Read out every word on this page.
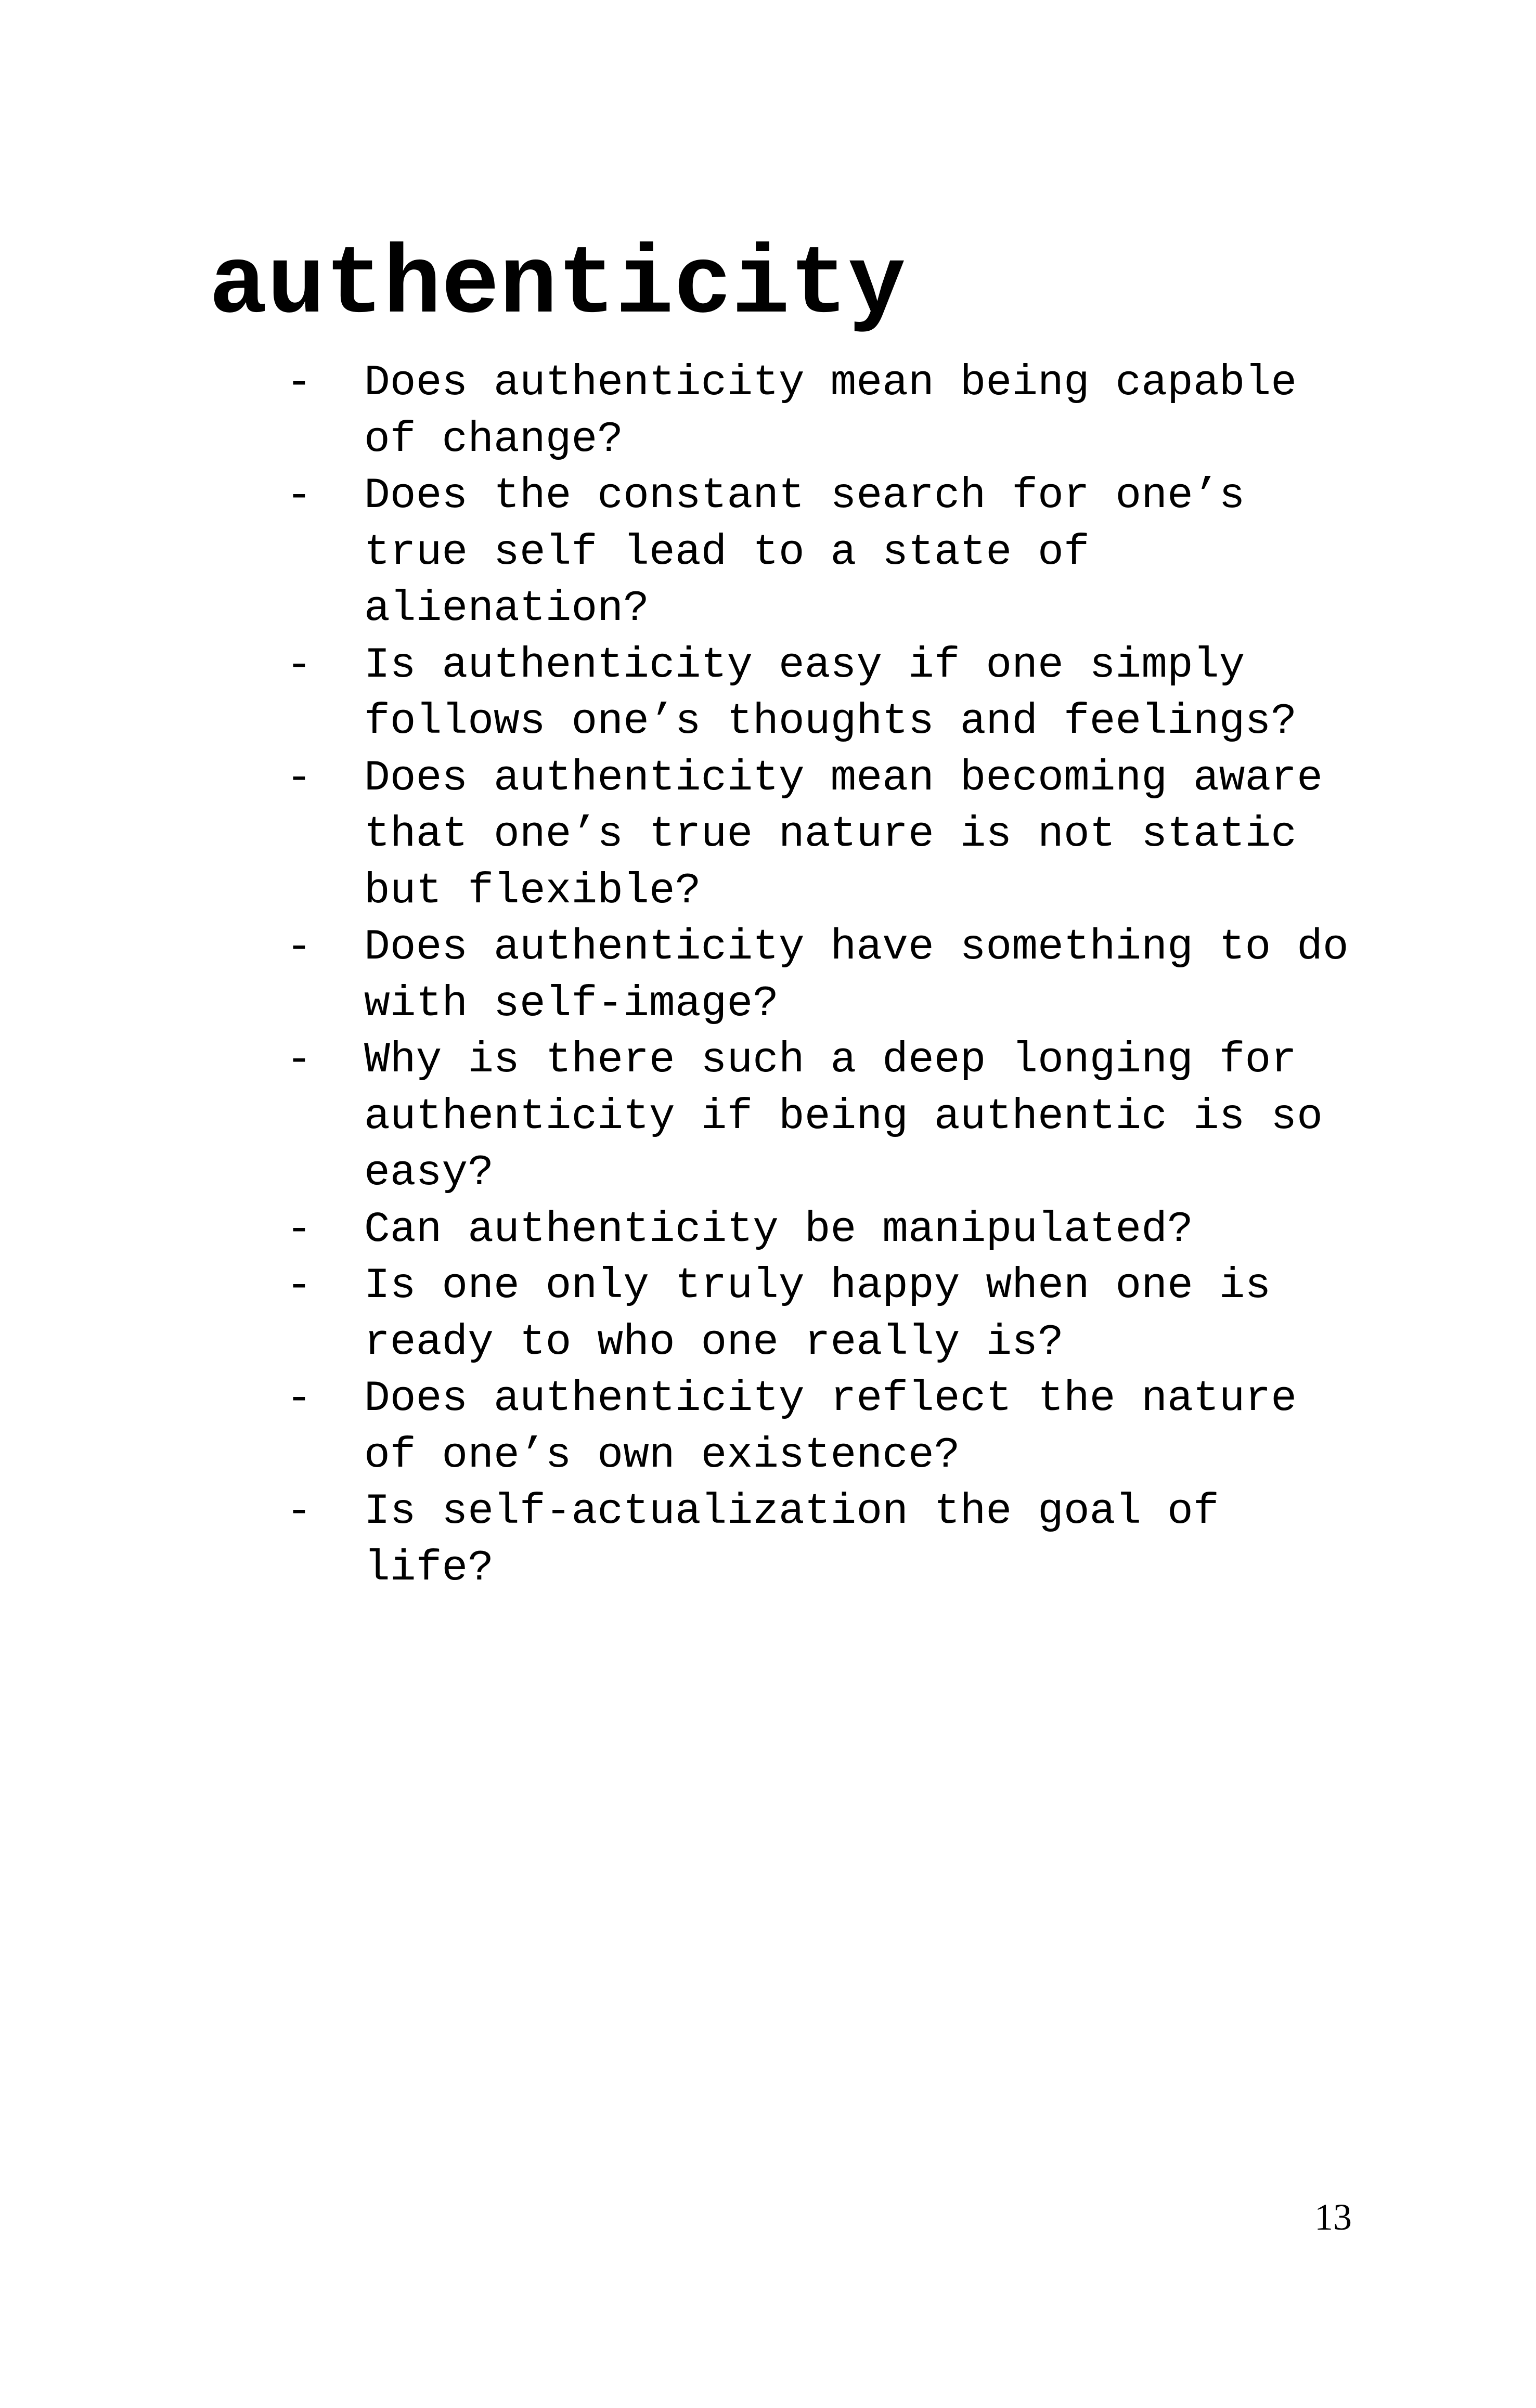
authenticity
-	Does authenticity mean being capable
of change?
-	Does the constant search for one’s
true self lead to a state of
alienation?
-	Is authenticity easy if one simply
follows one’s thoughts and feelings?
-	Does authenticity mean becoming aware
that one’s true nature is not static
but flexible?
-	Does authenticity have something to do
with self-image?
-	Why is there such a deep longing for
authenticity if being authentic is so
easy?
-	Can authenticity be manipulated?
-	Is one only truly happy when one is
ready to who one really is?
-	Does authenticity reflect the nature
of one’s own existence?
-	Is self-actualization the goal of
life?
13
